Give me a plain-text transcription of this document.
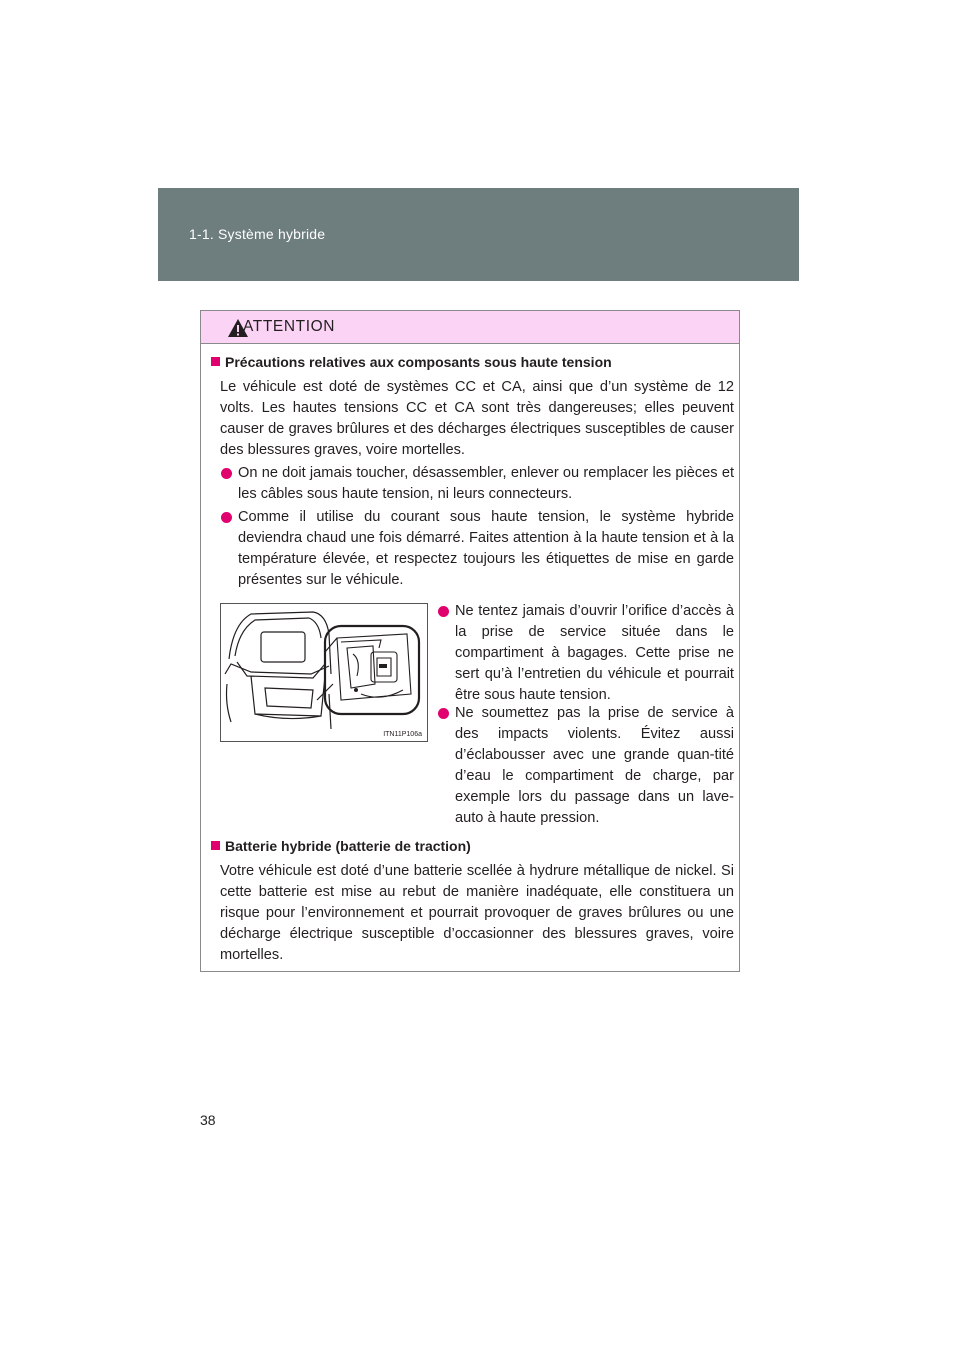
1-1. Système hybride
ATTENTION
Précautions relatives aux composants sous haute tension

Le véhicule est doté de systèmes CC et CA, ainsi que d’un système de 12 volts. Les hautes tensions CC et CA sont très dangereuses; elles peuvent causer de graves brûlures et des décharges électriques susceptibles de causer des blessures graves, voire mortelles.

On ne doit jamais toucher, désassembler, enlever ou remplacer les pièces et les câbles sous haute tension, ni leurs connecteurs.

Comme il utilise du courant sous haute tension, le système hybride deviendra chaud une fois démarré. Faites attention à la haute tension et à la température élevée, et respectez toujours les étiquettes de mise en garde présentes sur le véhicule.

ITN11P106a

Ne tentez jamais d’ouvrir l’orifice d’accès à la prise de service située dans le compartiment à bagages. Cette prise ne sert qu’à l’entretien du véhicule et pourrait être sous haute tension.

Ne soumettez pas la prise de service à des impacts violents. Évitez aussi d’éclabousser avec une grande quan-tité d’eau le compartiment de charge, par exemple lors du passage dans un lave-auto à haute pression.

Batterie hybride (batterie de traction)

Votre véhicule est doté d’une batterie scellée à hydrure métallique de nickel. Si cette batterie est mise au rebut de manière inadéquate, elle constituera un risque pour l’environnement et pourrait provoquer de graves brûlures ou une décharge électrique susceptible d’occasionner des blessures graves, voire mortelles.

38
